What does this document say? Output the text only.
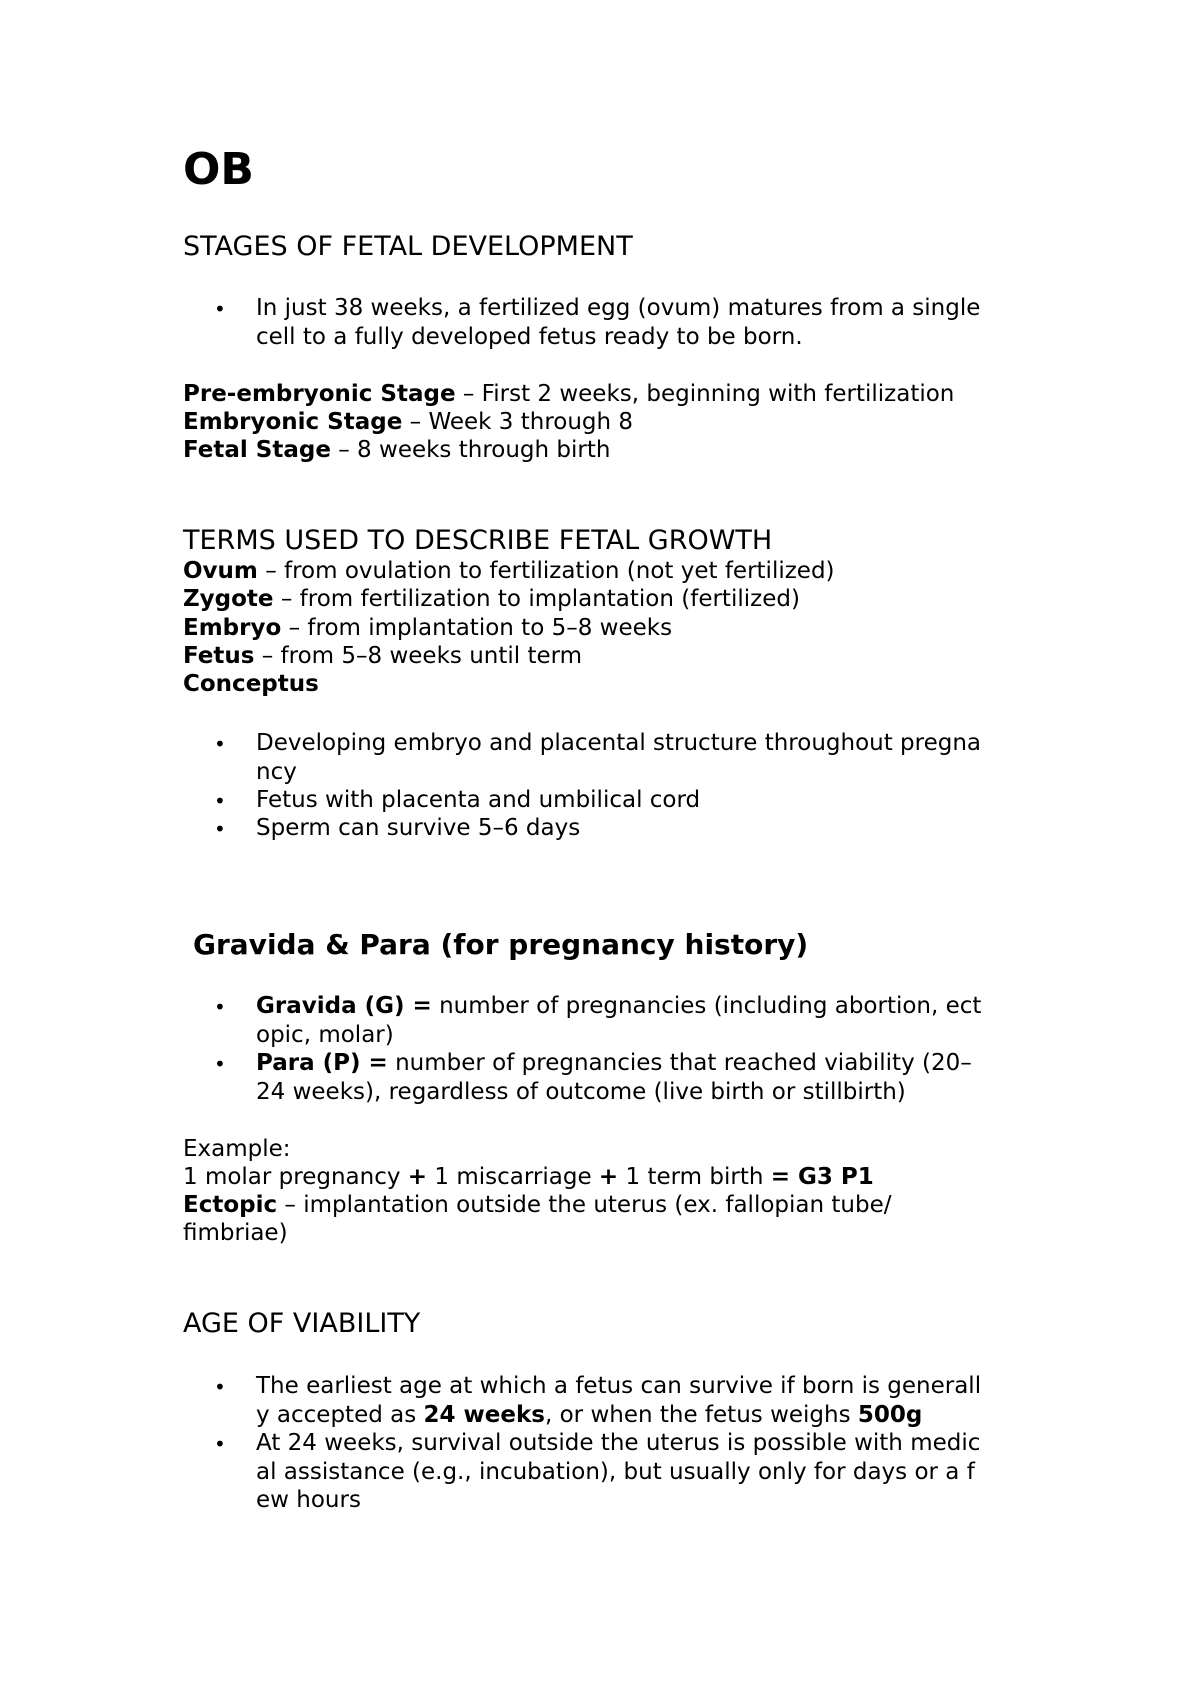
OB
STAGES OF FETAL DEVELOPMENT
• In just 38 weeks, a fertilized egg (ovum) matures from a single
cell to a fully developed fetus ready to be born.
Pre-embryonic Stage – First 2 weeks, beginning with fertilization
Embryonic Stage – Week 3 through 8
Fetal Stage – 8 weeks through birth
TERMS USED TO DESCRIBE FETAL GROWTH
Ovum – from ovulation to fertilization (not yet fertilized)
Zygote – from fertilization to implantation (fertilized)
Embryo – from implantation to 5–8 weeks
Fetus – from 5–8 weeks until term
Conceptus
• Developing embryo and placental structure throughout pregna
ncy
• Fetus with placenta and umbilical cord
• Sperm can survive 5–6 days
Gravida & Para (for pregnancy history)
• Gravida (G) = number of pregnancies (including abortion, ect
opic, molar)
• Para (P) = number of pregnancies that reached viability (20–
24 weeks), regardless of outcome (live birth or stillbirth)
Example:
1 molar pregnancy + 1 miscarriage + 1 term birth = G3 P1
Ectopic – implantation outside the uterus (ex. fallopian tube/
fimbriae)
AGE OF VIABILITY
• The earliest age at which a fetus can survive if born is generall
y accepted as 24 weeks, or when the fetus weighs 500g
• At 24 weeks, survival outside the uterus is possible with medic
al assistance (e.g., incubation), but usually only for days or a f
ew hours
